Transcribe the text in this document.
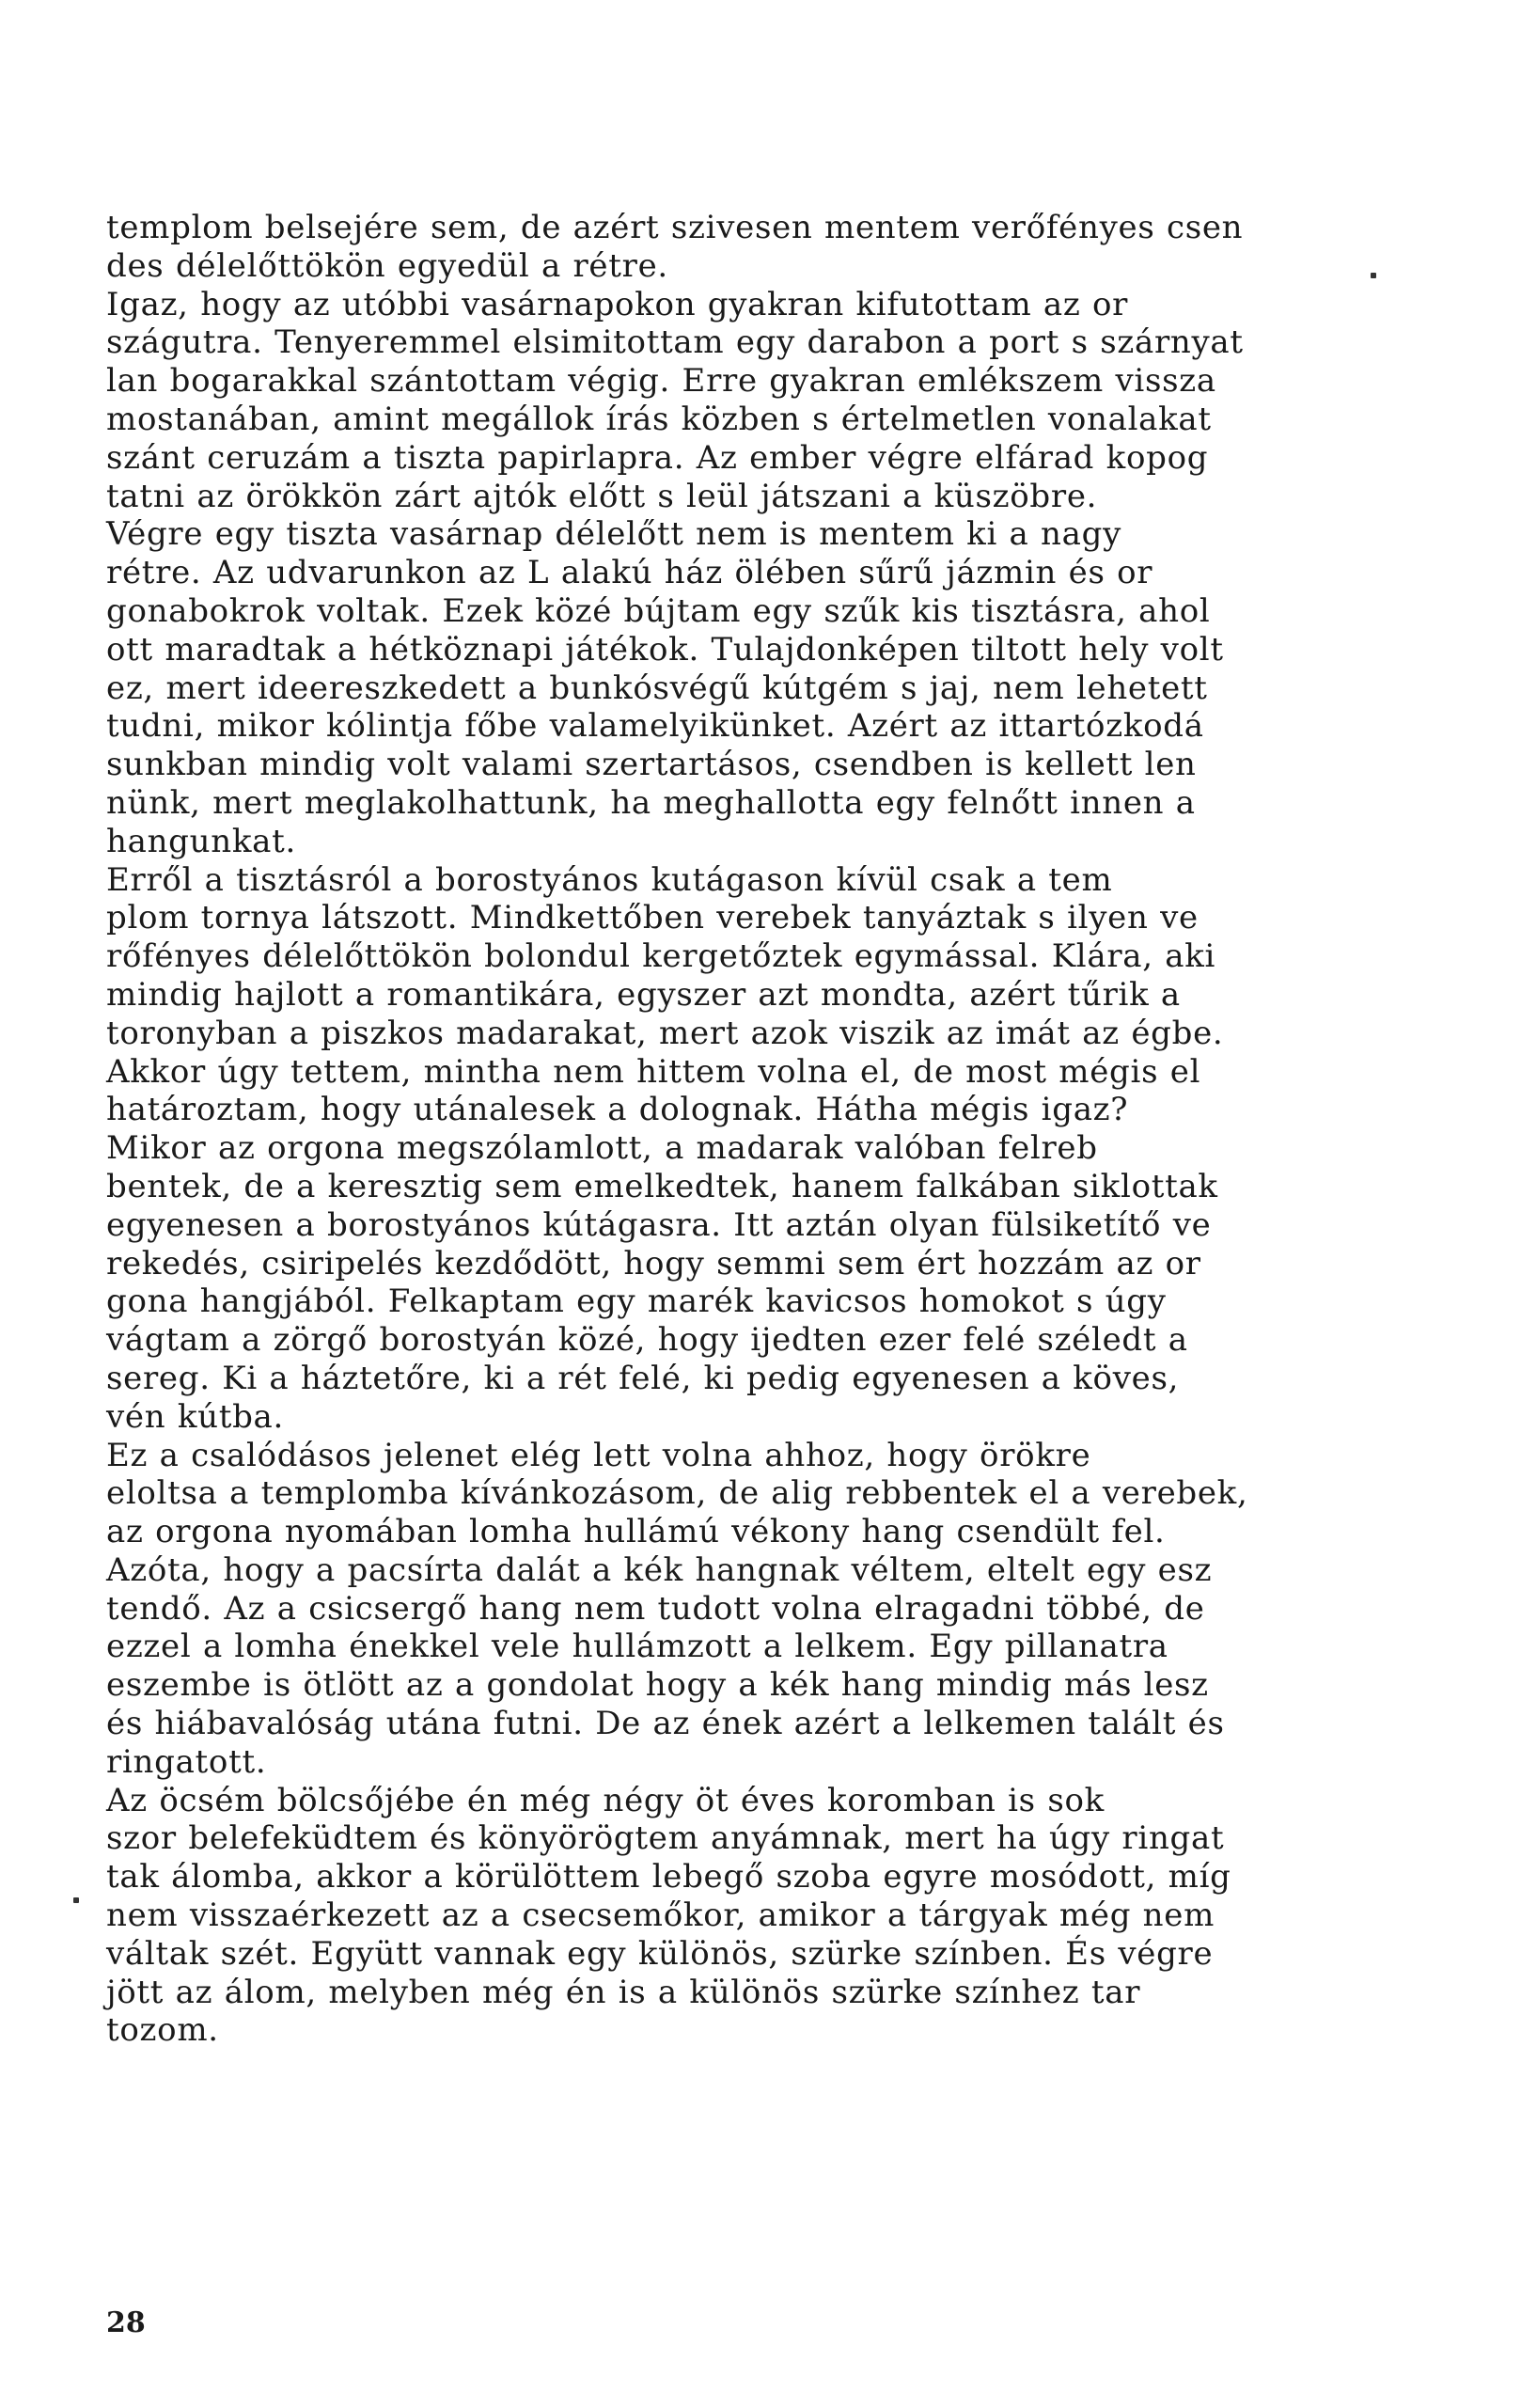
templom belsejére sem, de azért szivesen mentem verőfényes csen
des délelőttökön egyedül a rétre.

Igaz, hogy az utóbbi vasárnapokon gyakran kifutottam az or
szágutra. Tenyeremmel elsimitottam egy darabon a port s szárnyat
lan bogarakkal szántottam végig. Erre gyakran emlékszem vissza
mostanában, amint megállok írás közben s értelmetlen vonalakat
szánt ceruzám a tiszta papirlapra. Az ember végre elfárad kopog
tatni az örökkön zárt ajtók előtt s leül játszani a küszöbre.

Végre egy tiszta vasárnap délelőtt nem is mentem ki a nagy
rétre. Az udvarunkon az L alakú ház ölében sűrű jázmin és or
gonabokrok voltak. Ezek közé bújtam egy szűk kis tisztásra, ahol
ott maradtak a hétköznapi játékok. Tulajdonképen tiltott hely volt
ez, mert ideereszkedett a bunkósvégű kútgém s jaj, nem lehetett
tudni, mikor kólintja főbe valamelyikünket. Azért az ittartózkodá
sunkban mindig volt valami szertartásos, csendben is kellett len
nünk, mert meglakolhattunk, ha meghallotta egy felnőtt innen a
hangunkat.

Erről a tisztásról a borostyános kutágason kívül csak a tem
plom tornya látszott. Mindkettőben verebek tanyáztak s ilyen ve
rőfényes délelőttökön bolondul kergetőztek egymással. Klára, aki
mindig hajlott a romantikára, egyszer azt mondta, azért tűrik a
toronyban a piszkos madarakat, mert azok viszik az imát az égbe.
Akkor úgy tettem, mintha nem hittem volna el, de most mégis el
határoztam, hogy utánalesek a dolognak. Hátha mégis igaz?

Mikor az orgona megszólamlott, a madarak valóban felreb
bentek, de a keresztig sem emelkedtek, hanem falkában siklottak
egyenesen a borostyános kútágasra. Itt aztán olyan fülsiketítő ve
rekedés, csiripelés kezdődött, hogy semmi sem ért hozzám az or
gona hangjából. Felkaptam egy marék kavicsos homokot s úgy
vágtam a zörgő borostyán közé, hogy ijedten ezer felé széledt a
sereg. Ki a háztetőre, ki a rét felé, ki pedig egyenesen a köves,
vén kútba.

Ez a csalódásos jelenet elég lett volna ahhoz, hogy örökre
eloltsa a templomba kívánkozásom, de alig rebbentek el a verebek,
az orgona nyomában lomha hullámú vékony hang csendült fel.
Azóta, hogy a pacsírta dalát a kék hangnak véltem, eltelt egy esz
tendő. Az a csicsergő hang nem tudott volna elragadni többé, de
ezzel a lomha énekkel vele hullámzott a lelkem. Egy pillanatra
eszembe is ötlött az a gondolat hogy a kék hang mindig más lesz
és hiábavalóság utána futni. De az ének azért a lelkemen talált és
ringatott.

Az öcsém bölcsőjébe én még négy öt éves koromban is sok
szor belefeküdtem és könyörögtem anyámnak, mert ha úgy ringat
tak álomba, akkor a körülöttem lebegő szoba egyre mosódott, míg
nem visszaérkezett az a csecsemőkor, amikor a tárgyak még nem
váltak szét. Együtt vannak egy különös, szürke színben. És végre
jött az álom, melyben még én is a különös szürke színhez tar
tozom.

28
